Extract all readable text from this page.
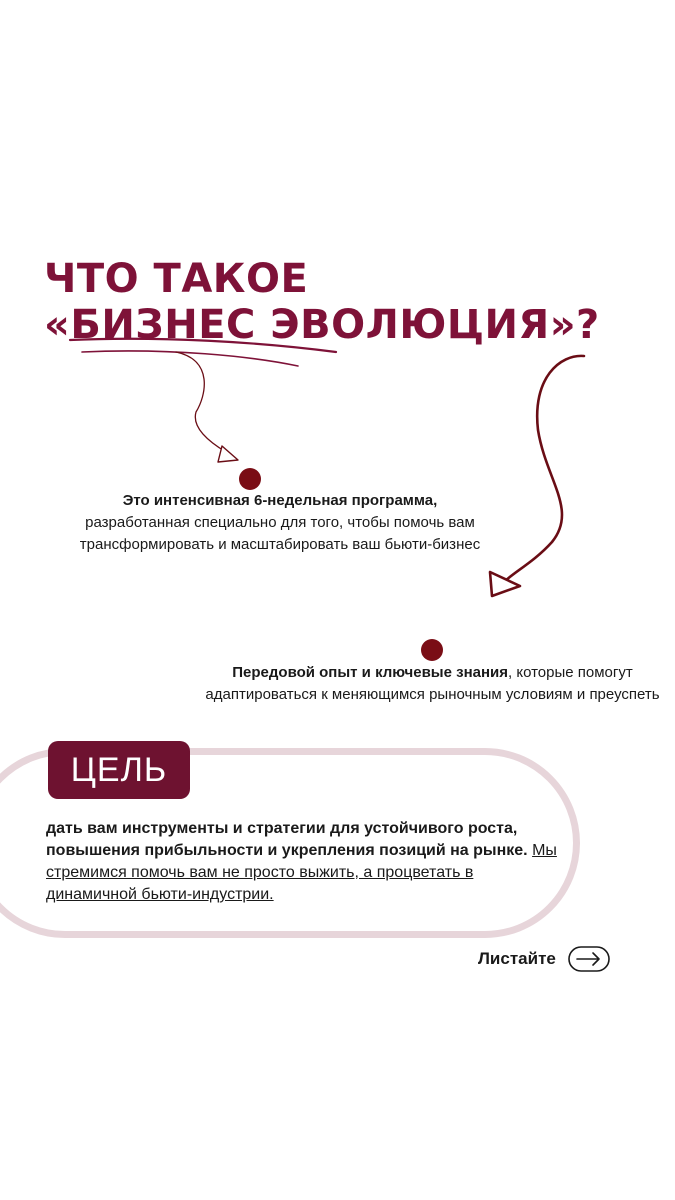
ЧТО ТАКОЕ
«БИЗНЕС ЭВОЛЮЦИЯ»?

Это интенсивная 6-недельная программа,
разработанная специально для того, чтобы помочь вам трансформировать и масштабировать ваш бьюти-бизнес

Передовой опыт и ключевые знания, которые помогут адаптироваться к меняющимся рыночным условиям и преуспеть

ЦЕЛЬ

дать вам инструменты и стратегии для устойчивого роста, повышения прибыльности и укрепления позиций на рынке. Мы стремимся помочь вам не просто выжить, а процветать в динамичной бьюти-индустрии.

Листайте
